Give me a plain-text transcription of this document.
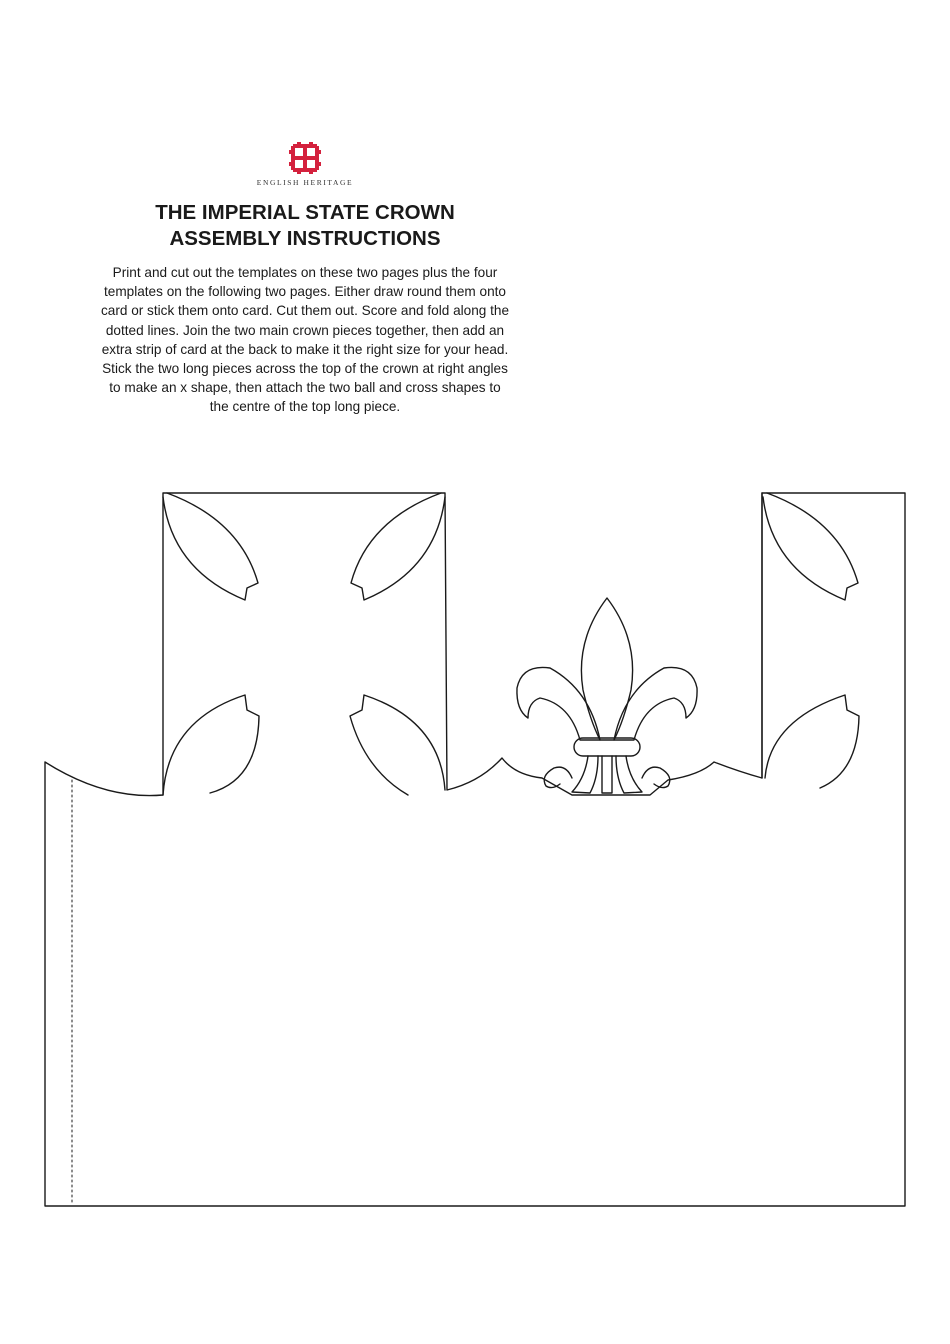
ENGLISH HERITAGE
THE IMPERIAL STATE CROWN
ASSEMBLY INSTRUCTIONS

Print and cut out the templates on these two pages plus the four templates on the following two pages. Either draw round them onto card or stick them onto card. Cut them out. Score and fold along the dotted lines. Join the two main crown pieces together, then add an extra strip of card at the back to make it the right size for your head. Stick the two long pieces across the top of the crown at right angles to make an x shape, then attach the two ball and cross shapes to the centre of the top long piece.
